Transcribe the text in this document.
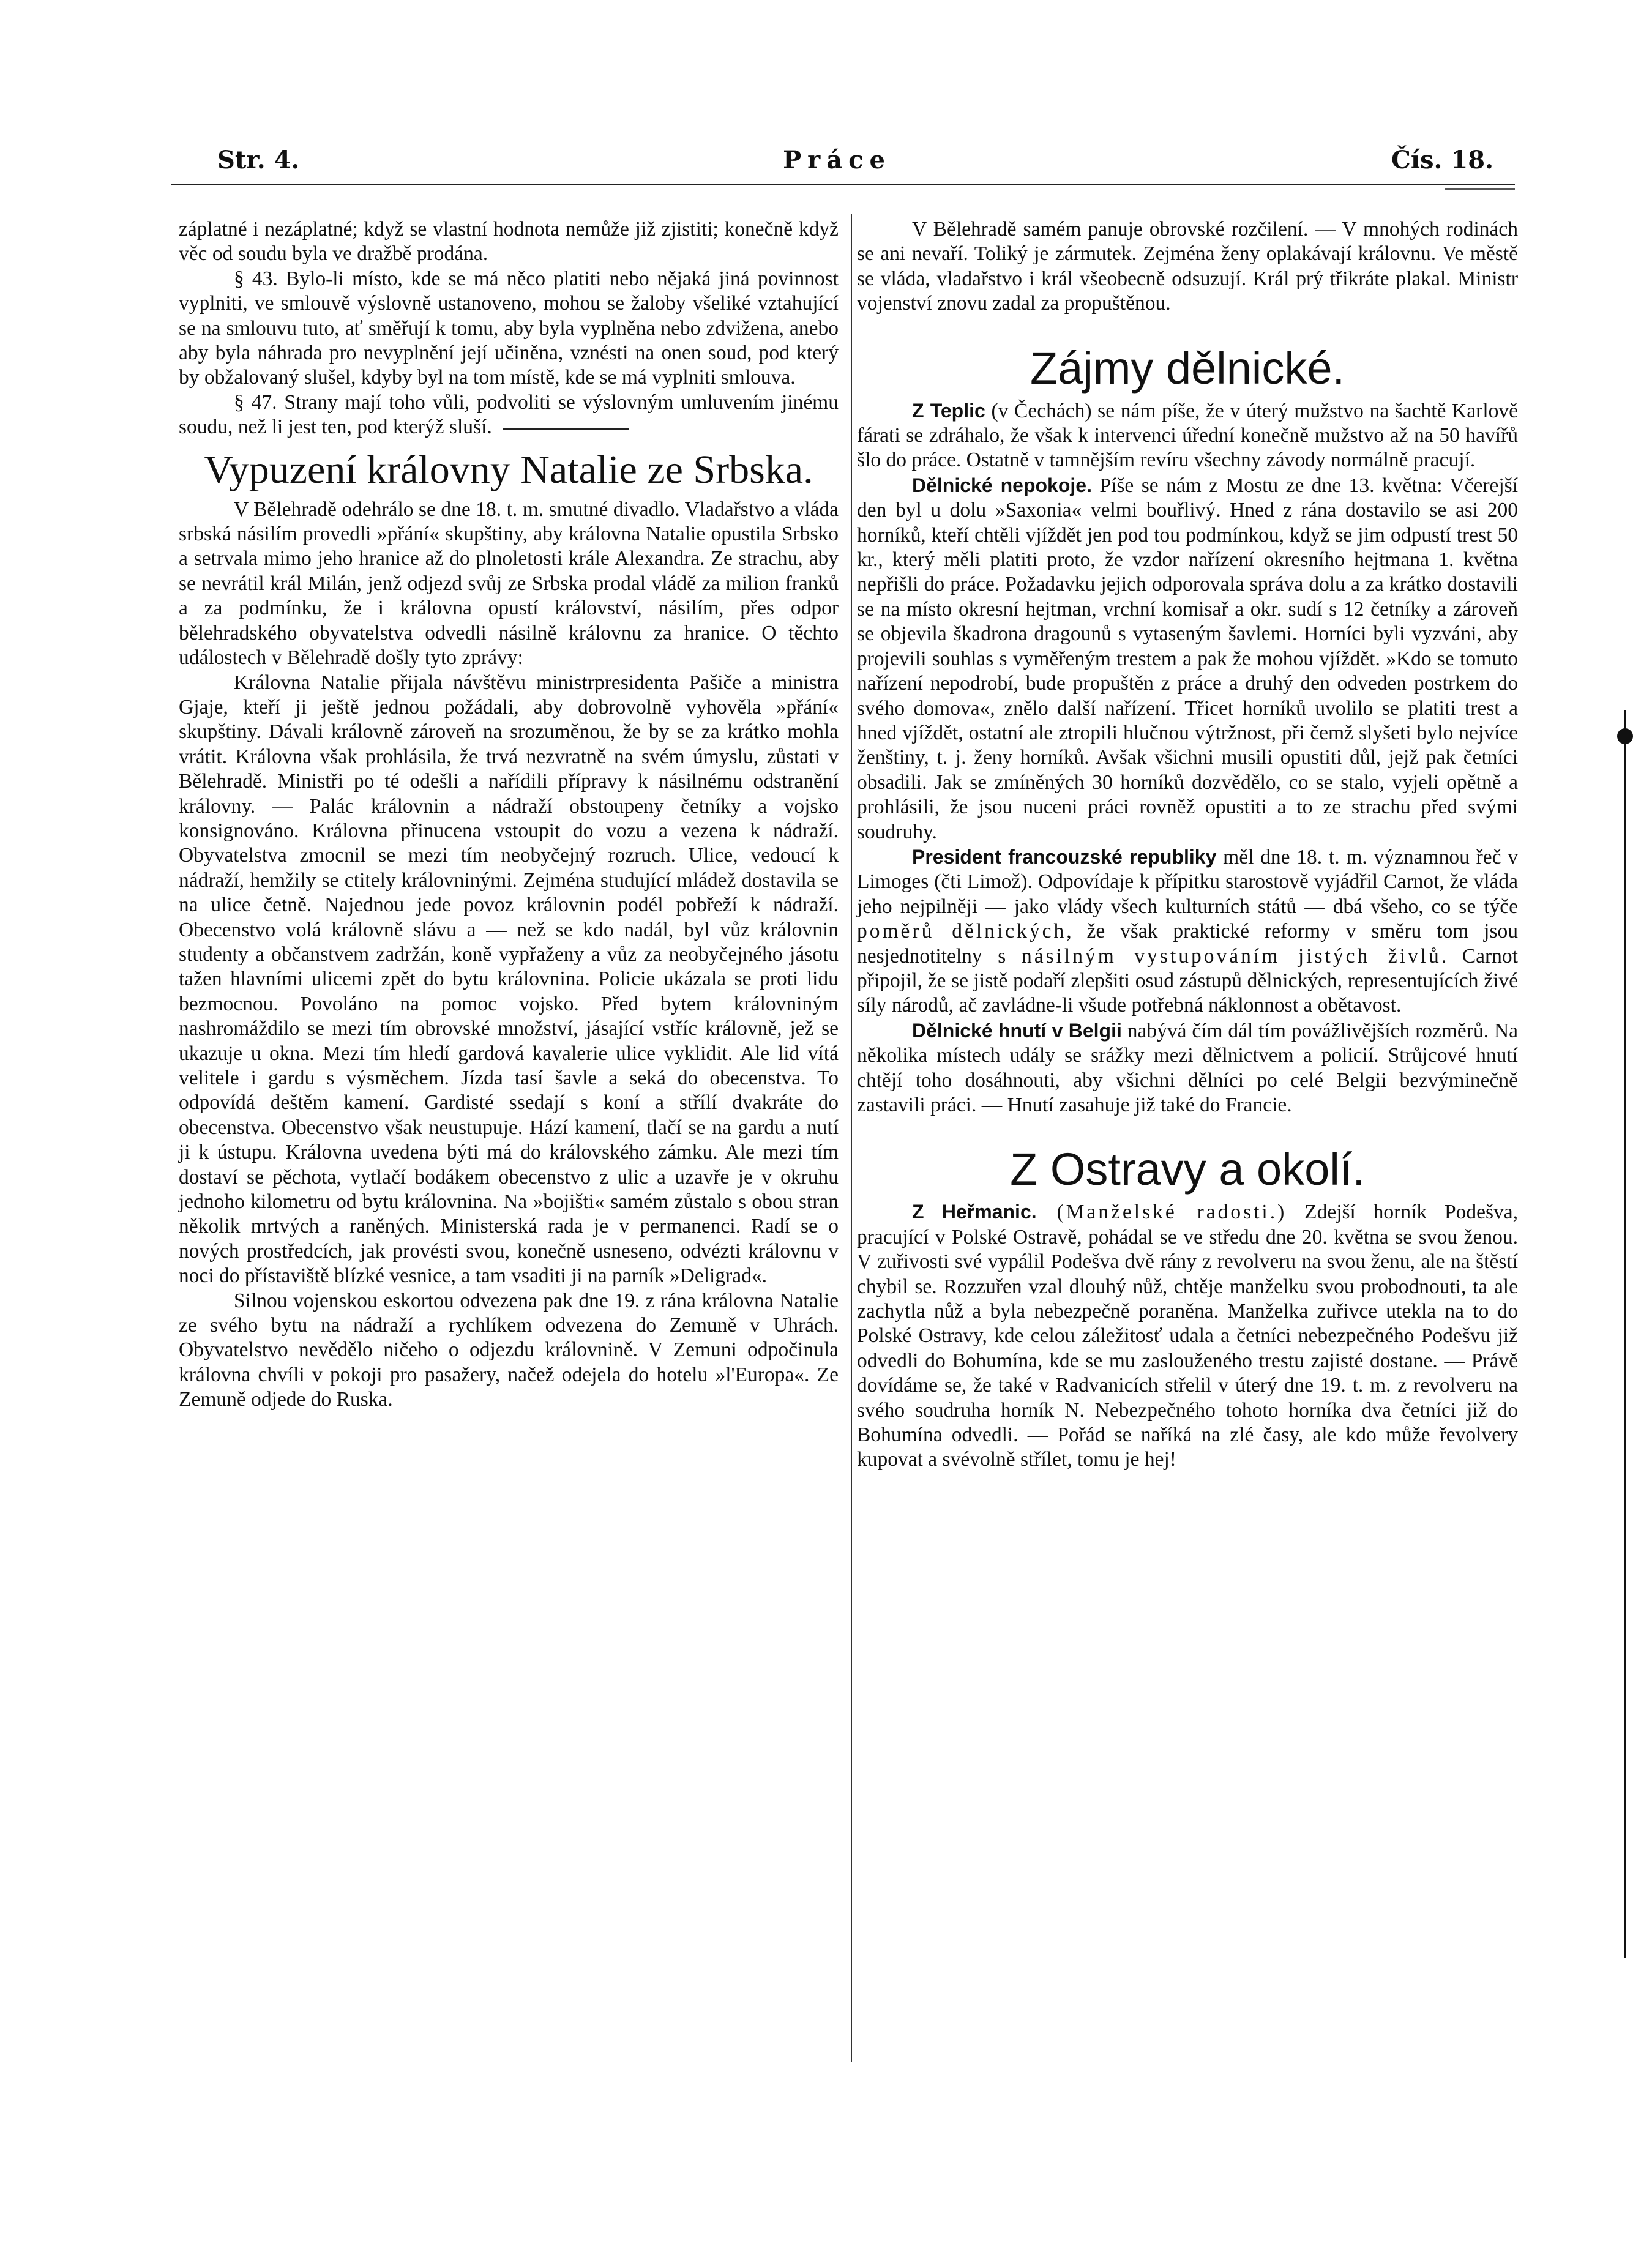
Str. 4.	Práce	Čís. 18.

záplatné i nezáplatné; když se vlastní hodnota nemůže již zjistiti; konečně když věc od soudu byla ve dražbě prodána.

§ 43. Bylo-li místo, kde se má něco platiti nebo nějaká jiná povinnost vyplniti, ve smlouvě výslovně ustanoveno, mohou se žaloby všeliké vztahující se na smlouvu tuto, ať směřují k tomu, aby byla vyplněna nebo zdvižena, anebo aby byla náhrada pro nevyplnění její učiněna, vznésti na onen soud, pod který by obžalovaný slušel, kdyby byl na tom místě, kde se má vyplniti smlouva.

§ 47. Strany mají toho vůli, podvoliti se výslovným umluvením jinému soudu, než li jest ten, pod kterýž sluší.

Vypuzení královny Natalie ze Srbska.

V Bělehradě odehrálo se dne 18. t. m. smutné divadlo. Vladařstvo a vláda srbská násilím provedli »přání« skupštiny, aby královna Natalie opustila Srbsko a setrvala mimo jeho hranice až do plnoletosti krále Alexandra. Ze strachu, aby se nevrátil král Milán, jenž odjezd svůj ze Srbska prodal vládě za milion franků a za podmínku, že i královna opustí království, násilím, přes odpor bělehradského obyvatelstva odvedli násilně královnu za hranice. O těchto událostech v Bělehradě došly tyto zprávy:

Královna Natalie přijala návštěvu ministrpresidenta Pašiče a ministra Gjaje, kteří ji ještě jednou požádali, aby dobrovolně vyhověla »přání« skupštiny. Dávali královně zároveň na srozuměnou, že by se za krátko mohla vrátit. Královna však prohlásila, že trvá nezvratně na svém úmyslu, zůstati v Bělehradě. Ministři po té odešli a nařídili přípravy k násilnému odstranění královny. — Palác královnin a nádraží obstoupeny četníky a vojsko konsignováno. Královna přinucena vstoupit do vozu a vezena k nádraží. Obyvatelstva zmocnil se mezi tím neobyčejný rozruch. Ulice, vedoucí k nádraží, hemžily se ctitely královninými. Zejména studující mládež dostavila se na ulice četně. Najednou jede povoz královnin podél pobřeží k nádraží. Obecenstvo volá královně slávu a — než se kdo nadál, byl vůz královnin studenty a občanstvem zadržán, koně vypřaženy a vůz za neobyčejného jásotu tažen hlavními ulicemi zpět do bytu královnina. Policie ukázala se proti lidu bezmocnou. Povoláno na pomoc vojsko. Před bytem královniným nashromáždilo se mezi tím obrovské množství, jásající vstříc královně, jež se ukazuje u okna. Mezi tím hledí gardová kavalerie ulice vyklidit. Ale lid vítá velitele i gardu s výsměchem. Jízda tasí šavle a seká do obecenstva. To odpovídá deštěm kamení. Gardisté ssedají s koní a střílí dvakráte do obecenstva. Obecenstvo však neustupuje. Hází kamení, tlačí se na gardu a nutí ji k ústupu. Královna uvedena býti má do královského zámku. Ale mezi tím dostaví se pěchota, vytlačí bodákem obecenstvo z ulic a uzavře je v okruhu jednoho kilometru od bytu královnina. Na »bojišti« samém zůstalo s obou stran několik mrtvých a raněných. Ministerská rada je v permanenci. Radí se o nových prostředcích, jak provésti svou, konečně usneseno, odvézti královnu v noci do přístaviště blízké vesnice, a tam vsaditi ji na parník »Deligrad«.

Silnou vojenskou eskortou odvezena pak dne 19. z rána královna Natalie ze svého bytu na nádraží a rychlíkem odvezena do Zemuně v Uhrách. Obyvatelstvo nevědělo ničeho o odjezdu královnině. V Zemuni odpočinula královna chvíli v pokoji pro pasažery, načež odejela do hotelu »l'Europa«. Ze Zemuně odjede do Ruska.

V Bělehradě samém panuje obrovské rozčilení. — V mnohých rodinách se ani nevaří. Toliký je zármutek. Zejména ženy oplakávají královnu. Ve městě se vláda, vladařstvo i král všeobecně odsuzují. Král prý třikráte plakal. Ministr vojenství znovu zadal za propuštěnou.

Zájmy dělnické.

Z Teplic (v Čechách) se nám píše, že v úterý mužstvo na šachtě Karlově fárati se zdráhalo, že však k intervenci úřední konečně mužstvo až na 50 havířů šlo do práce. Ostatně v tamnějším revíru všechny závody normálně pracují.

Dělnické nepokoje. Píše se nám z Mostu ze dne 13. května: Včerejší den byl u dolu »Saxonia« velmi bouřlivý. Hned z rána dostavilo se asi 200 horníků, kteří chtěli vjíždět jen pod tou podmínkou, když se jim odpustí trest 50 kr., který měli platiti proto, že vzdor nařízení okresního hejtmana 1. května nepřišli do práce. Požadavku jejich odporovala správa dolu a za krátko dostavili se na místo okresní hejtman, vrchní komisař a okr. sudí s 12 četníky a zároveň se objevila škadrona dragounů s vytaseným šavlemi. Horníci byli vyzváni, aby projevili souhlas s vyměřeným trestem a pak že mohou vjíždět. »Kdo se tomuto nařízení nepodrobí, bude propuštěn z práce a druhý den odveden postrkem do svého domova«, znělo další nařízení. Třicet horníků uvolilo se platiti trest a hned vjíždět, ostatní ale ztropili hlučnou výtržnost, při čemž slyšeti bylo nejvíce ženštiny, t. j. ženy horníků. Avšak všichni musili opustiti důl, jejž pak četníci obsadili. Jak se zmíněných 30 horníků dozvědělo, co se stalo, vyjeli opětně a prohlásili, že jsou nuceni práci rovněž opustiti a to ze strachu před svými soudruhy.

President francouzské republiky měl dne 18. t. m. významnou řeč v Limoges (čti Limož). Odpovídaje k přípitku starostově vyjádřil Carnot, že vláda jeho nejpilněji — jako vlády všech kulturních států — dbá všeho, co se týče poměrů dělnických, že však praktické reformy v směru tom jsou nesjednotitelny s násilným vystupováním jistých živlů. Carnot připojil, že se jistě podaří zlepšiti osud zástupů dělnických, representujících živé síly národů, ač zavládne-li všude potřebná náklonnost a obětavost.

Dělnické hnutí v Belgii nabývá čím dál tím povážlivějších rozměrů. Na několika místech udály se srážky mezi dělnictvem a policií. Strůjcové hnutí chtějí toho dosáhnouti, aby všichni dělníci po celé Belgii bezvýminečně zastavili práci. — Hnutí zasahuje již také do Francie.

Z Ostravy a okolí.

Z Heřmanic. (Manželské radosti.) Zdejší horník Podešva, pracující v Polské Ostravě, pohádal se ve středu dne 20. května se svou ženou. V zuřivosti své vypálil Podešva dvě rány z revolveru na svou ženu, ale na štěstí chybil se. Rozzuřen vzal dlouhý nůž, chtěje manželku svou probodnouti, ta ale zachytla nůž a byla nebezpečně poraněna. Manželka zuřivce utekla na to do Polské Ostravy, kde celou záležitosť udala a četníci nebezpečného Podešvu již odvedli do Bohumína, kde se mu zaslouženého trestu zajisté dostane. — Právě dovídáme se, že také v Radvanicích střelil v úterý dne 19. t. m. z revolveru na svého soudruha horník N. Nebezpečného tohoto horníka dva četníci již do Bohumína odvedli. — Pořád se naříká na zlé časy, ale kdo může řevolvery kupovat a svévolně střílet, tomu je hej!
